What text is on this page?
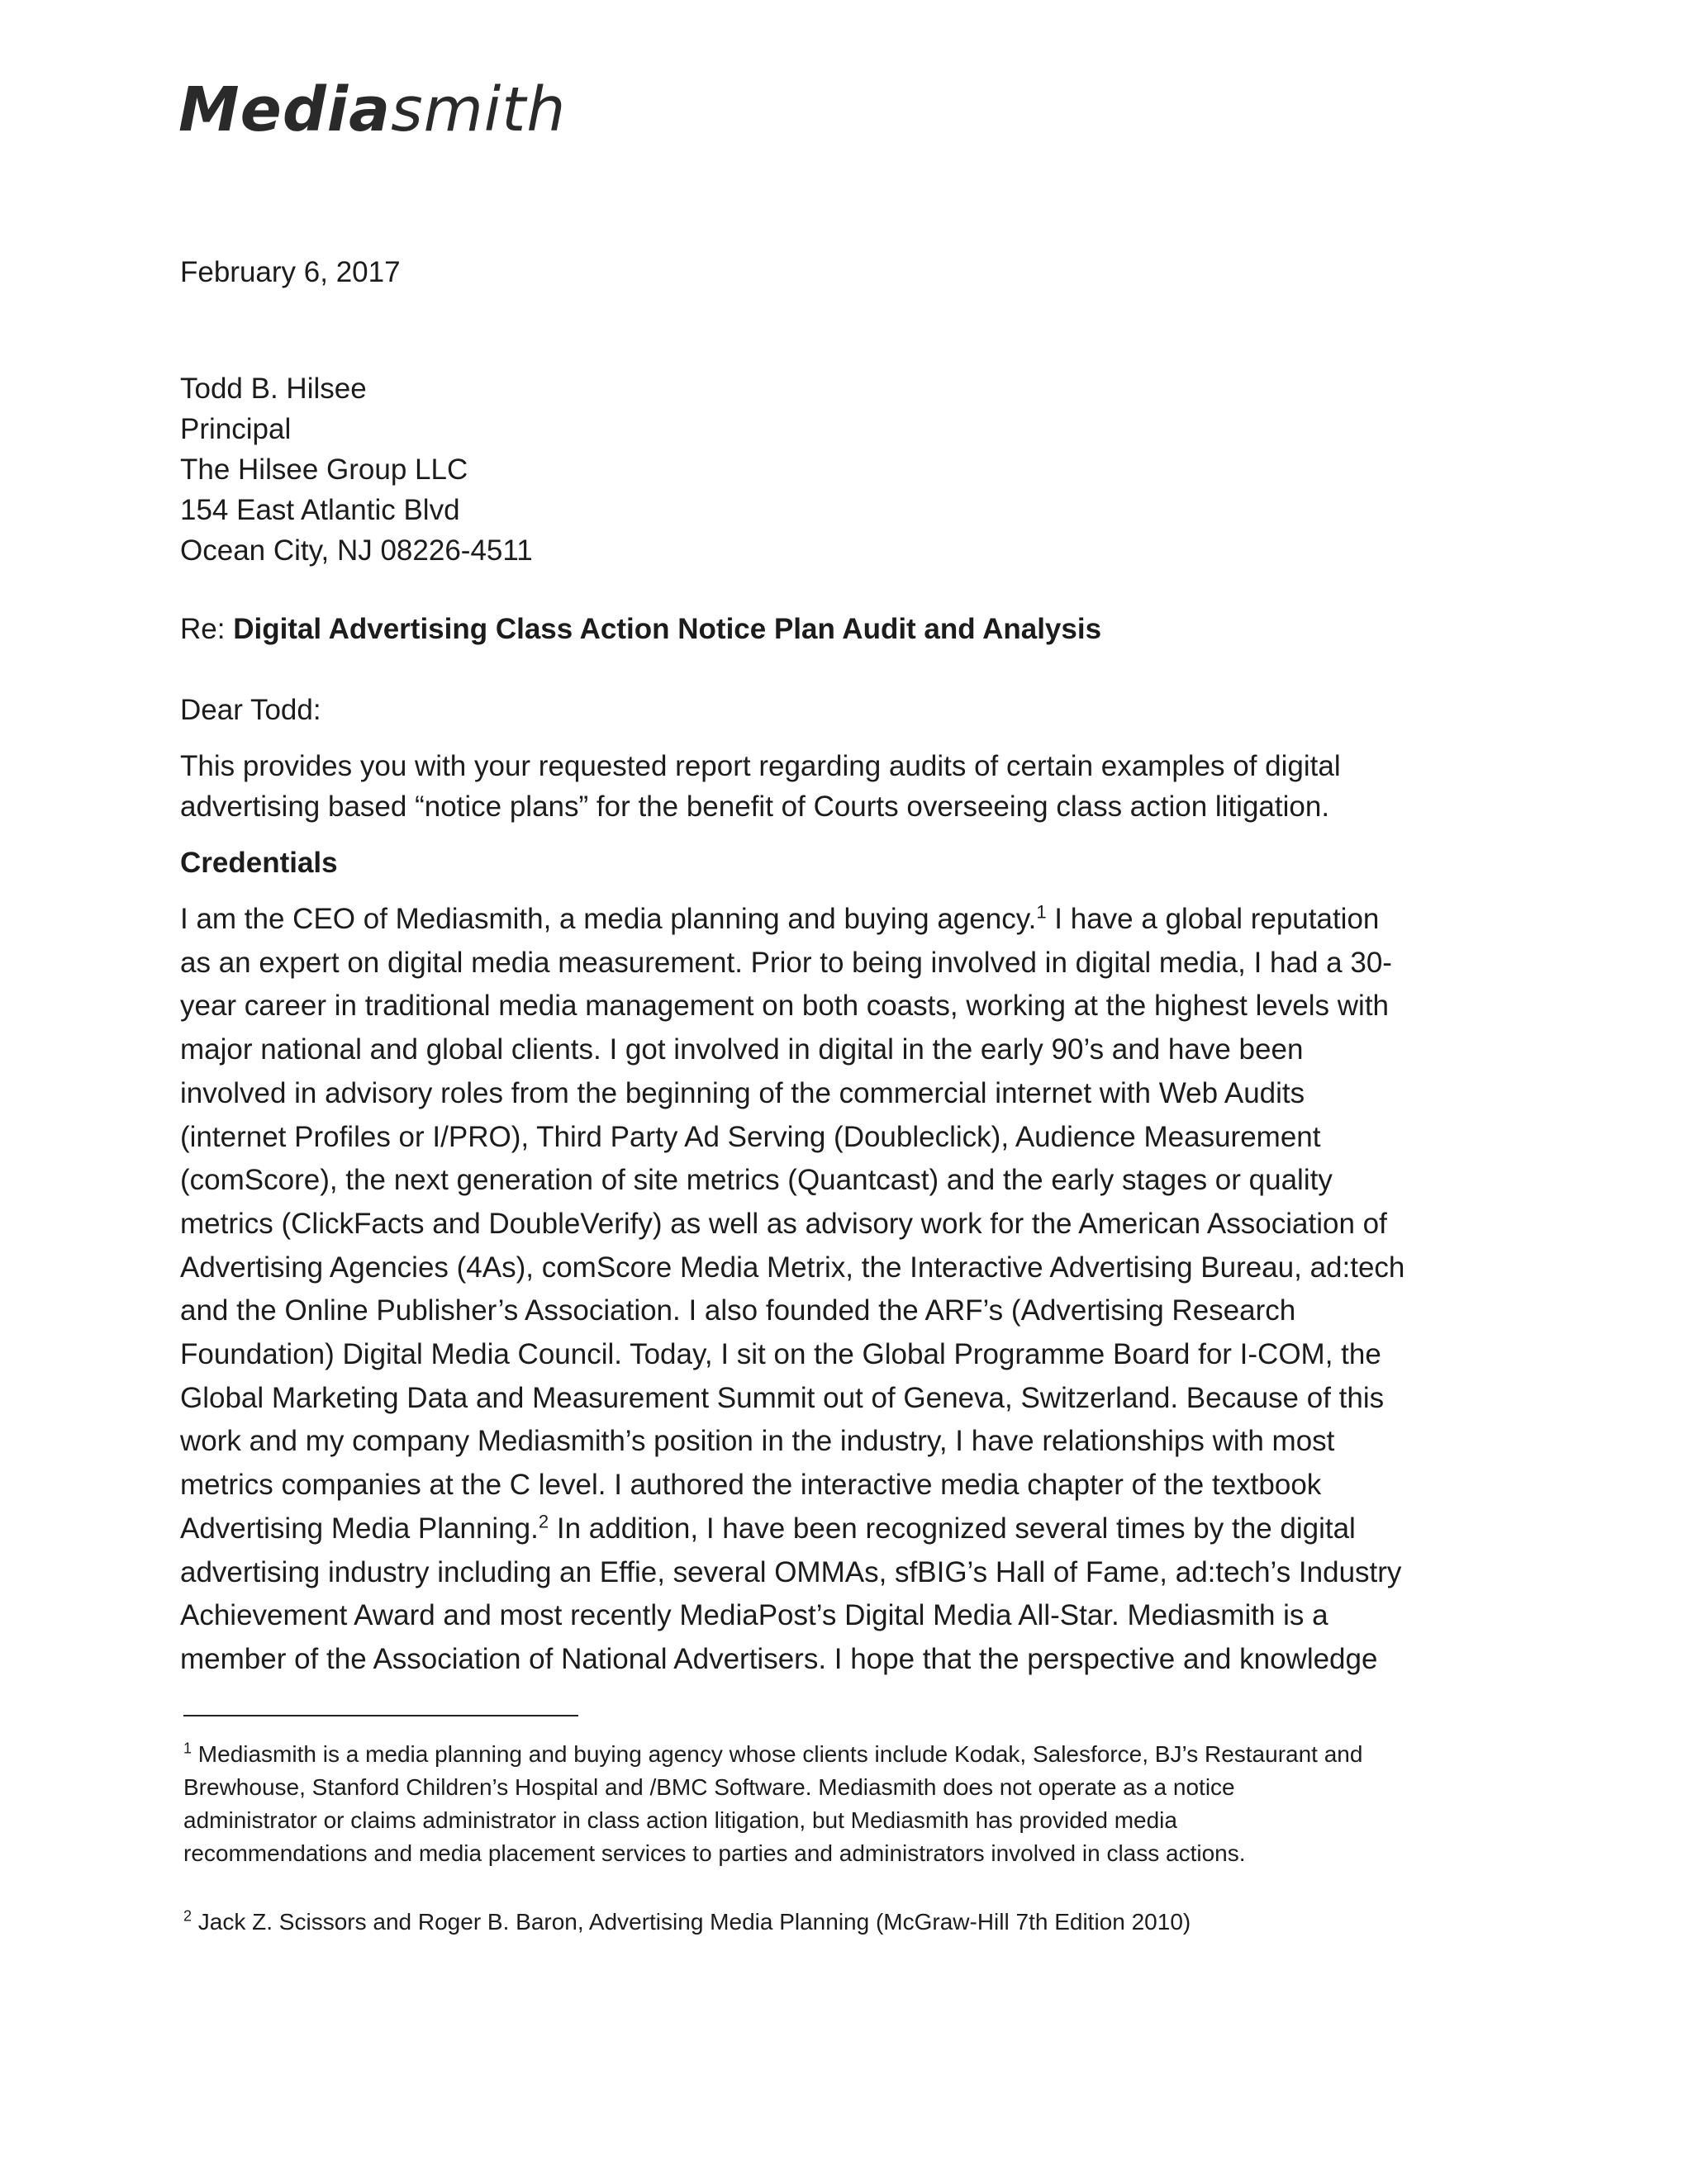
Mediasmith
February 6, 2017
Todd B. Hilsee
Principal
The Hilsee Group LLC
154 East Atlantic Blvd
Ocean City, NJ 08226-4511
Re: Digital Advertising Class Action Notice Plan Audit and Analysis
Dear Todd:
This provides you with your requested report regarding audits of certain examples of digital
advertising based “notice plans” for the benefit of Courts overseeing class action litigation.
Credentials
I am the CEO of Mediasmith, a media planning and buying agency.$^1$ I have a global reputation
as an expert on digital media measurement. Prior to being involved in digital media, I had a 30-
year career in traditional media management on both coasts, working at the highest levels with
major national and global clients. I got involved in digital in the early 90’s and have been
involved in advisory roles from the beginning of the commercial internet with Web Audits
(internet Profiles or I/PRO), Third Party Ad Serving (Doubleclick), Audience Measurement
(comScore), the next generation of site metrics (Quantcast) and the early stages or quality
metrics (ClickFacts and DoubleVerify) as well as advisory work for the American Association of
Advertising Agencies (4As), comScore Media Metrix, the Interactive Advertising Bureau, ad:tech
and the Online Publisher’s Association. I also founded the ARF’s (Advertising Research
Foundation) Digital Media Council. Today, I sit on the Global Programme Board for I-COM, the
Global Marketing Data and Measurement Summit out of Geneva, Switzerland. Because of this
work and my company Mediasmith’s position in the industry, I have relationships with most
metrics companies at the C level. I authored the interactive media chapter of the textbook
Advertising Media Planning.$^2$ In addition, I have been recognized several times by the digital
advertising industry including an Effie, several OMMAs, sfBIG’s Hall of Fame, ad:tech’s Industry
Achievement Award and most recently MediaPost’s Digital Media All-Star. Mediasmith is a
member of the Association of National Advertisers. I hope that the perspective and knowledge
$^1$ Mediasmith is a media planning and buying agency whose clients include Kodak, Salesforce, BJ’s Restaurant and
Brewhouse, Stanford Children’s Hospital and /BMC Software. Mediasmith does not operate as a notice
administrator or claims administrator in class action litigation, but Mediasmith has provided media
recommendations and media placement services to parties and administrators involved in class actions.
$^2$ Jack Z. Scissors and Roger B. Baron, Advertising Media Planning (McGraw-Hill 7th Edition 2010)
